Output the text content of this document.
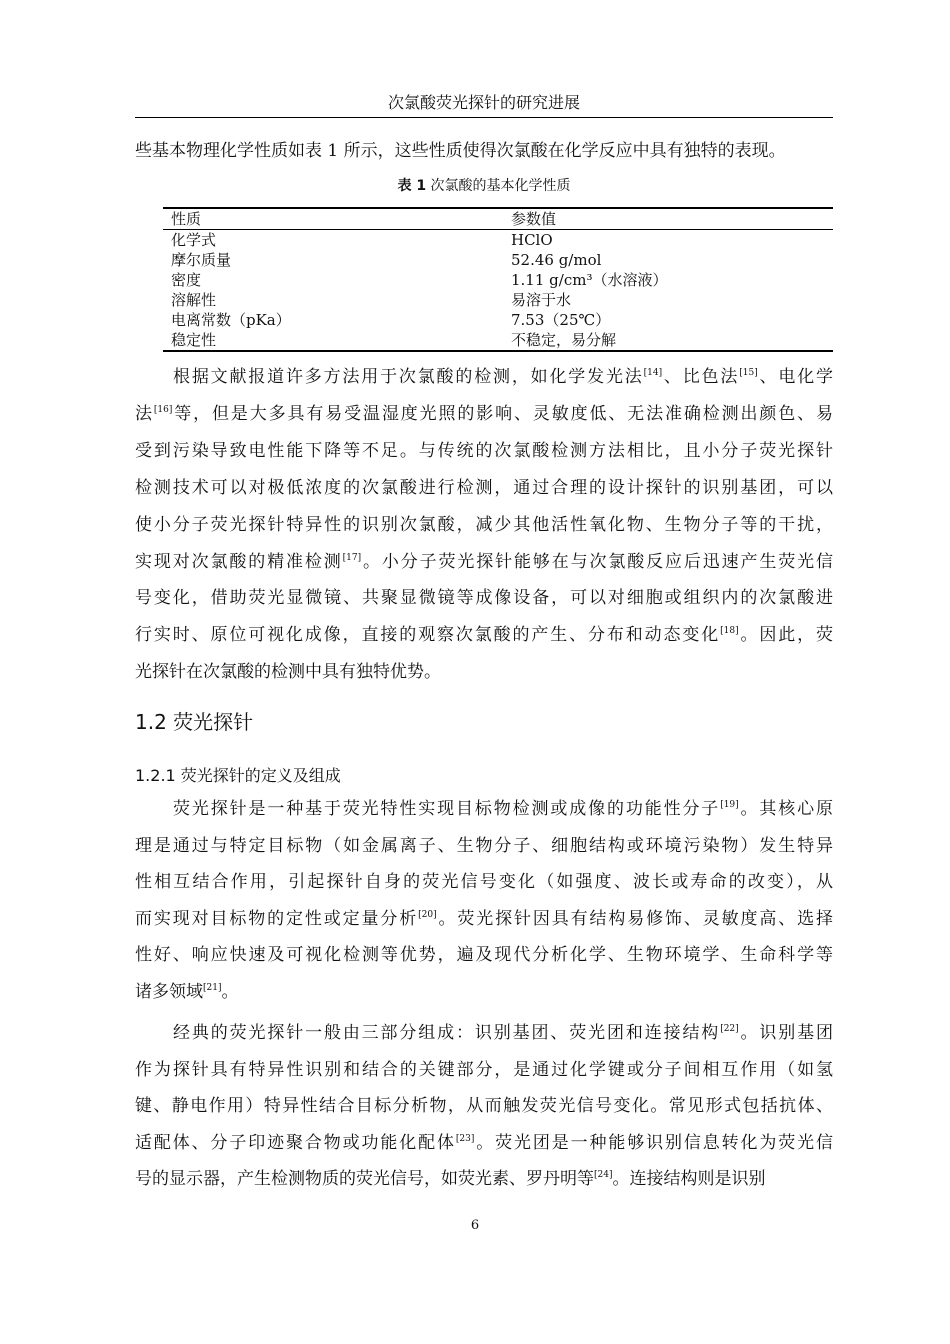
次氯酸荧光探针的研究进展
些基本物理化学性质如表 1 所示，这些性质使得次氯酸在化学反应中具有独特的表现。
表 1 次氯酸的基本化学性质
性质	参数值
化学式	HClO
摩尔质量	52.46 g/mol
密度	1.11 g/cm³（水溶液）
溶解性	易溶于水
电离常数（pKa）	7.53（25℃）
稳定性	不稳定，易分解
根据文献报道许多方法用于次氯酸的检测，如化学发光法[14]、比色法[15]、电化学
法[16]等，但是大多具有易受温湿度光照的影响、灵敏度低、无法准确检测出颜色、易
受到污染导致电性能下降等不足。与传统的次氯酸检测方法相比，且小分子荧光探针
检测技术可以对极低浓度的次氯酸进行检测，通过合理的设计探针的识别基团，可以
使小分子荧光探针特异性的识别次氯酸，减少其他活性氧化物、生物分子等的干扰，
实现对次氯酸的精准检测[17]。小分子荧光探针能够在与次氯酸反应后迅速产生荧光信
号变化，借助荧光显微镜、共聚显微镜等成像设备，可以对细胞或组织内的次氯酸进
行实时、原位可视化成像，直接的观察次氯酸的产生、分布和动态变化[18]。因此，荧
光探针在次氯酸的检测中具有独特优势。
1.2 荧光探针
1.2.1 荧光探针的定义及组成
荧光探针是一种基于荧光特性实现目标物检测或成像的功能性分子[19]。其核心原
理是通过与特定目标物（如金属离子、生物分子、细胞结构或环境污染物）发生特异
性相互结合作用，引起探针自身的荧光信号变化（如强度、波长或寿命的改变），从
而实现对目标物的定性或定量分析[20]。荧光探针因具有结构易修饰、灵敏度高、选择
性好、响应快速及可视化检测等优势，遍及现代分析化学、生物环境学、生命科学等
诸多领域[21]。
经典的荧光探针一般由三部分组成：识别基团、荧光团和连接结构[22]。识别基团
作为探针具有特异性识别和结合的关键部分，是通过化学键或分子间相互作用（如氢
键、静电作用）特异性结合目标分析物，从而触发荧光信号变化。常见形式包括抗体、
适配体、分子印迹聚合物或功能化配体[23]。荧光团是一种能够识别信息转化为荧光信
号的显示器，产生检测物质的荧光信号，如荧光素、罗丹明等[24]。连接结构则是识别
6
